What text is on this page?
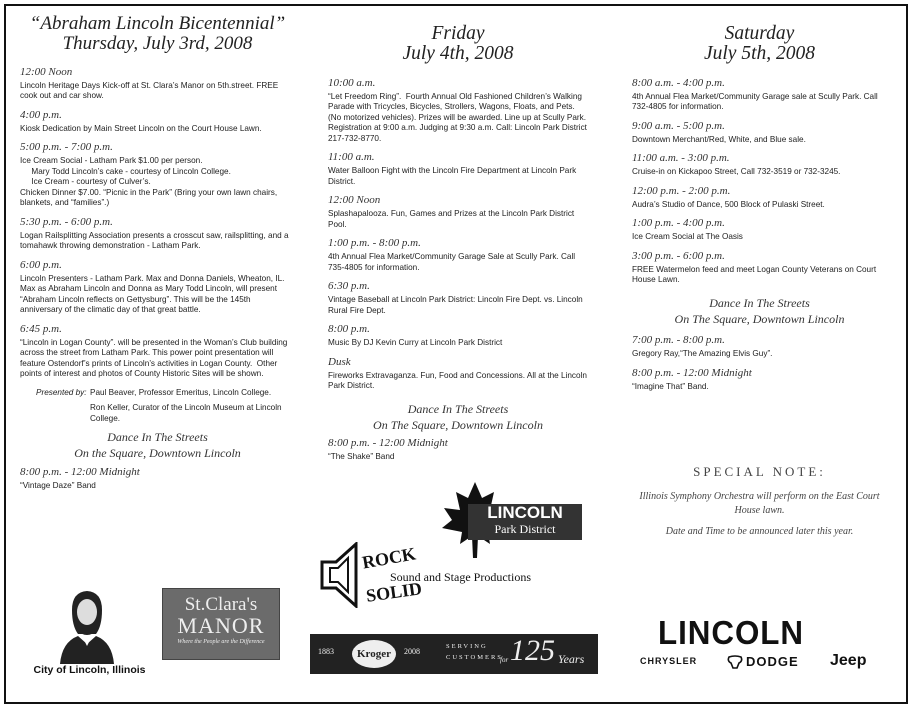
“Abraham Lincoln Bicentennial”
Thursday, July 3rd, 2008
12:00 Noon
Lincoln Heritage Days Kick-off at St. Clara’s Manor on 5th.street. FREE cook out and car show.
4:00 p.m.
Kiosk Dedication by Main Street Lincoln on the Court House Lawn.
5:00 p.m. - 7:00 p.m.
Ice Cream Social - Latham Park $1.00 per person.
Mary Todd Lincoln’s cake - courtesy of Lincoln College.
Ice Cream - courtesy of Culver’s.
Chicken Dinner $7.00. “Picnic in the Park” (Bring your own lawn chairs, blankets, and “families”.)
5:30 p.m. - 6:00 p.m.
Logan Railsplitting Association presents a crosscut saw, railsplitting, and a tomahawk throwing demonstration - Latham Park.
6:00 p.m.
Lincoln Presenters - Latham Park. Max and Donna Daniels, Wheaton, IL. Max as Abraham Lincoln and Donna as Mary Todd Lincoln, will present “Abraham Lincoln reflects on Gettysburg”. This will be the 145th anniversary of the climatic day of that great battle.
6:45 p.m.
“Lincoln in Logan County”. will be presented in the Woman’s Club building across the street from Latham Park. This power point presentation will feature Ostendorf’s prints of Lincoln’s activities in Logan County.  Other points of interest and photos of County Historic Sites will be shown.
Presented by: Paul Beaver, Professor Emeritus, Lincoln College.
Ron Keller, Curator of the Lincoln Museum at Lincoln College.
Dance In The Streets
On the Square, Downtown Lincoln
8:00 p.m. - 12:00 Midnight
“Vintage Daze” Band
Friday
July 4th, 2008
10:00 a.m.
“Let Freedom Ring”.  Fourth Annual Old Fashioned Children’s Walking Parade with Tricycles, Bicycles, Strollers, Wagons, Floats, and Pets. (No motorized vehicles). Prizes will be awarded. Line up at Scully Park. Registration at 9:00 a.m. Judging at 9:30 a.m. Call: Lincoln Park District 217-732-8770.
11:00 a.m.
Water Balloon Fight with the Lincoln Fire Department at Lincoln Park District.
12:00 Noon
Splashapalooza. Fun, Games and Prizes at the Lincoln Park District Pool.
1:00 p.m. - 8:00 p.m.
4th Annual Flea Market/Community Garage Sale at Scully Park. Call 735-4805 for information.
6:30 p.m.
Vintage Baseball at Lincoln Park District: Lincoln Fire Dept. vs. Lincoln Rural Fire Dept.
8:00 p.m.
Music By DJ Kevin Curry at Lincoln Park District
Dusk
Fireworks Extravaganza. Fun, Food and Concessions. All at the Lincoln Park District.
Dance In The Streets
On The Square, Downtown Lincoln
8:00 p.m. - 12:00 Midnight
“The Shake” Band
Saturday
July 5th, 2008
8:00 a.m. - 4:00 p.m.
4th Annual Flea Market/Community Garage sale at Scully Park. Call 732-4805 for information.
9:00 a.m. - 5:00 p.m.
Downtown Merchant/Red, White, and Blue sale.
11:00 a.m. - 3:00 p.m.
Cruise-in on Kickapoo Street, Call 732-3519 or 732-3245.
12:00 p.m. - 2:00 p.m.
Audra’s Studio of Dance, 500 Block of Pulaski Street.
1:00 p.m. - 4:00 p.m.
Ice Cream Social at The Oasis
3:00 p.m. - 6:00 p.m.
FREE Watermelon feed and meet Logan County Veterans on Court House Lawn.
Dance In The Streets
On The Square, Downtown Lincoln
7:00 p.m. - 8:00 p.m.
Gregory Ray,“The Amazing Elvis Guy”.
8:00 p.m. - 12:00 Midnight
“Imagine That” Band.
SPECIAL NOTE:
Illinois Symphony Orchestra will perform on the East Court House lawn.
Date and Time to be announced later this year.
City of Lincoln, Illinois
St.Clara's
MANOR
Where the People are the Difference
LINCOLN
Park District
ROCK
Sound and Stage Productions
SOLID
1883	Kroger	2008
SERVING
CUSTOMERS
for 125 Years
LINCOLN
CHRYSLER	DODGE Jeep
